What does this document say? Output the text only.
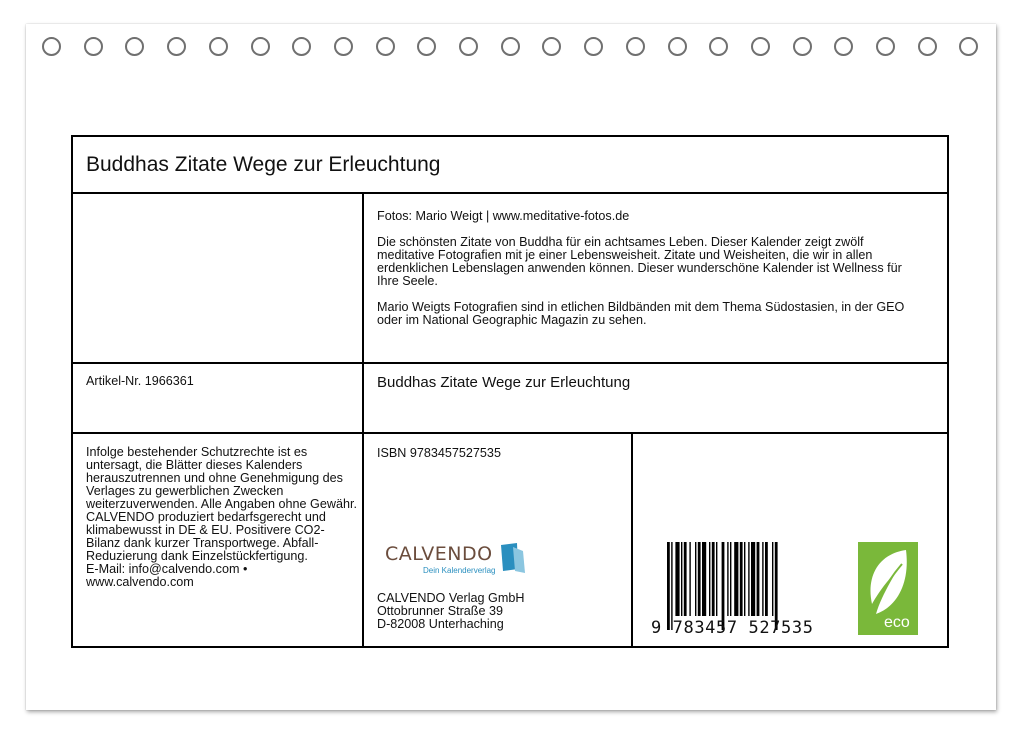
Buddhas Zitate Wege zur Erleuchtung

Fotos: Mario Weigt | www.meditative-fotos.de

Die schönsten Zitate von Buddha für ein achtsames Leben. Dieser Kalender zeigt zwölf meditative Fotografien mit je einer Lebensweisheit. Zitate und Weisheiten, die wir in allen erdenklichen Lebenslagen anwenden können. Dieser wunderschöne Kalender ist Wellness für Ihre Seele.

Mario Weigts Fotografien sind in etlichen Bildbänden mit dem Thema Südostasien, in der GEO oder im National Geographic Magazin zu sehen.

Artikel-Nr. 1966361	Buddhas Zitate Wege zur Erleuchtung
Infolge bestehender Schutzrechte ist es untersagt, die Blätter dieses Kalenders herauszutrennen und ohne Genehmigung des Verlages zu gewerblichen Zwecken weiterzuverwenden. Alle Angaben ohne Gewähr.
CALVENDO produziert bedarfsgerecht und klimabewusst in DE & EU. Positivere CO2-Bilanz dank kurzer Transportwege. Abfall-Reduzierung dank Einzelstückfertigung.
E-Mail: info@calvendo.com •
www.calvendo.com
ISBN 9783457527535
CALVENDO
Dein Kalenderverlag
CALVENDO Verlag GmbH
Ottobrunner Straße 39
D-82008 Unterhaching	9 783457 527535	eco
